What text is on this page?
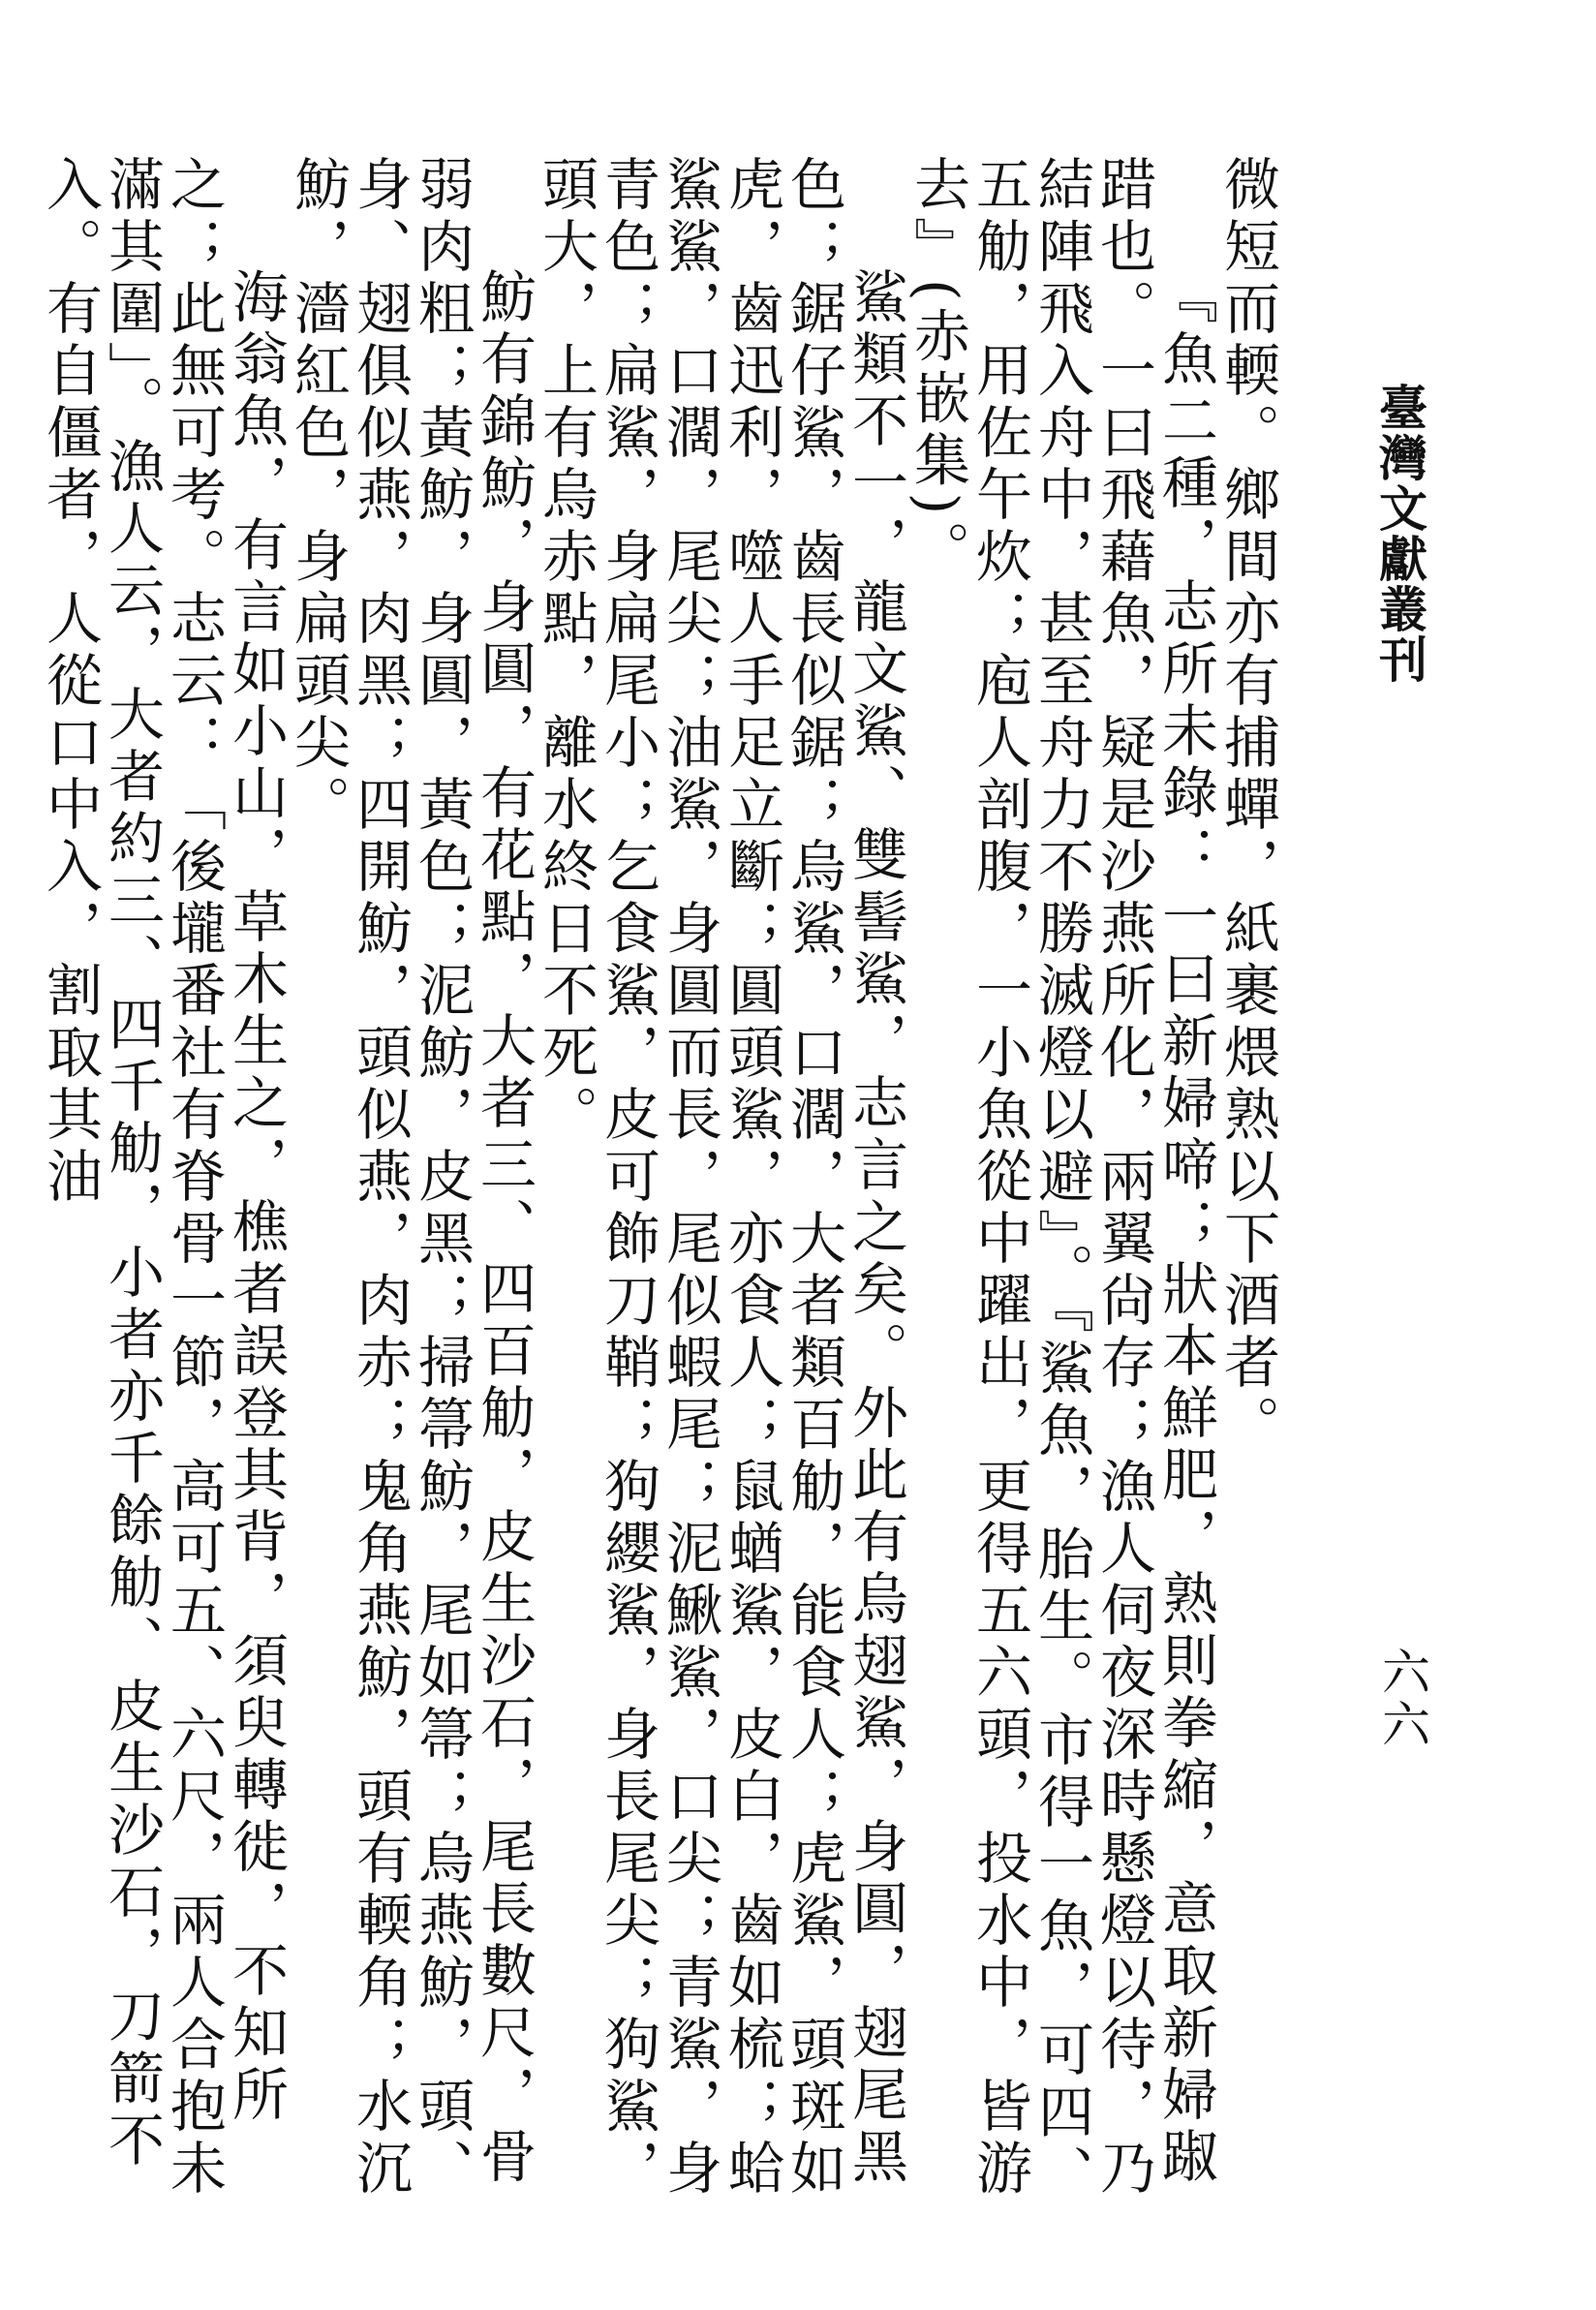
臺灣文獻叢刊
六六

微短而輭。鄉間亦有捕蟬，紙裹煨熟以下酒者。

『魚二種，志所未錄：一曰新婦啼；狀本鮮肥，熟則拳縮，意取新婦踧踖也。一曰飛藉魚，疑是沙燕所化，兩翼尙存；漁人伺夜深時懸燈以待，乃結陣飛入舟中，甚至舟力不勝滅燈以避』。『鯊魚，胎生。市得一魚，可四、五觔，用佐午炊；庖人剖腹，一小魚從中躍出，更得五六頭，投水中，皆游去』(赤嵌集)。

鯊類不一，龍文鯊、雙髻鯊，志言之矣。外此有烏翅鯊，身圓，翅尾黑色；鋸仔鯊，齒長似鋸；烏鯊，口濶，大者類百觔，能食人；虎鯊，頭斑如虎，齒迅利，噬人手足立斷；圓頭鯊，亦食人；鼠蝤鯊，皮白，齒如梳；蛤鯊鯊，口濶，尾尖；油鯊，身圓而長，尾似蝦尾；泥鰍鯊，口尖；青鯊，身青色；扁鯊，身扁尾小；乞食鯊，皮可飾刀鞘；狗纓鯊，身長尾尖；狗鯊，頭大，上有烏赤點，離水終日不死。

魴有錦魴，身圓，有花點，大者三、四百觔，皮生沙石，尾長數尺，骨弱肉粗；黃魴，身圓，黃色；泥魴，皮黑；掃箒魴，尾如箒；烏燕魴，頭、身、翅俱似燕，肉黑；四開魴，頭似燕，肉赤；鬼角燕魴，頭有輭角；水沉魴，濇紅色，身扁頭尖。

海翁魚，有言如小山，草木生之，樵者誤登其背，須臾轉徙，不知所之；此無可考。志云：「後壠番社有脊骨一節，高可五、六尺，兩人合抱未滿其圍」。漁人云，大者約三、四千觔，小者亦千餘觔、皮生沙石，刀箭不入。有自僵者，人從口中入，割取其油
